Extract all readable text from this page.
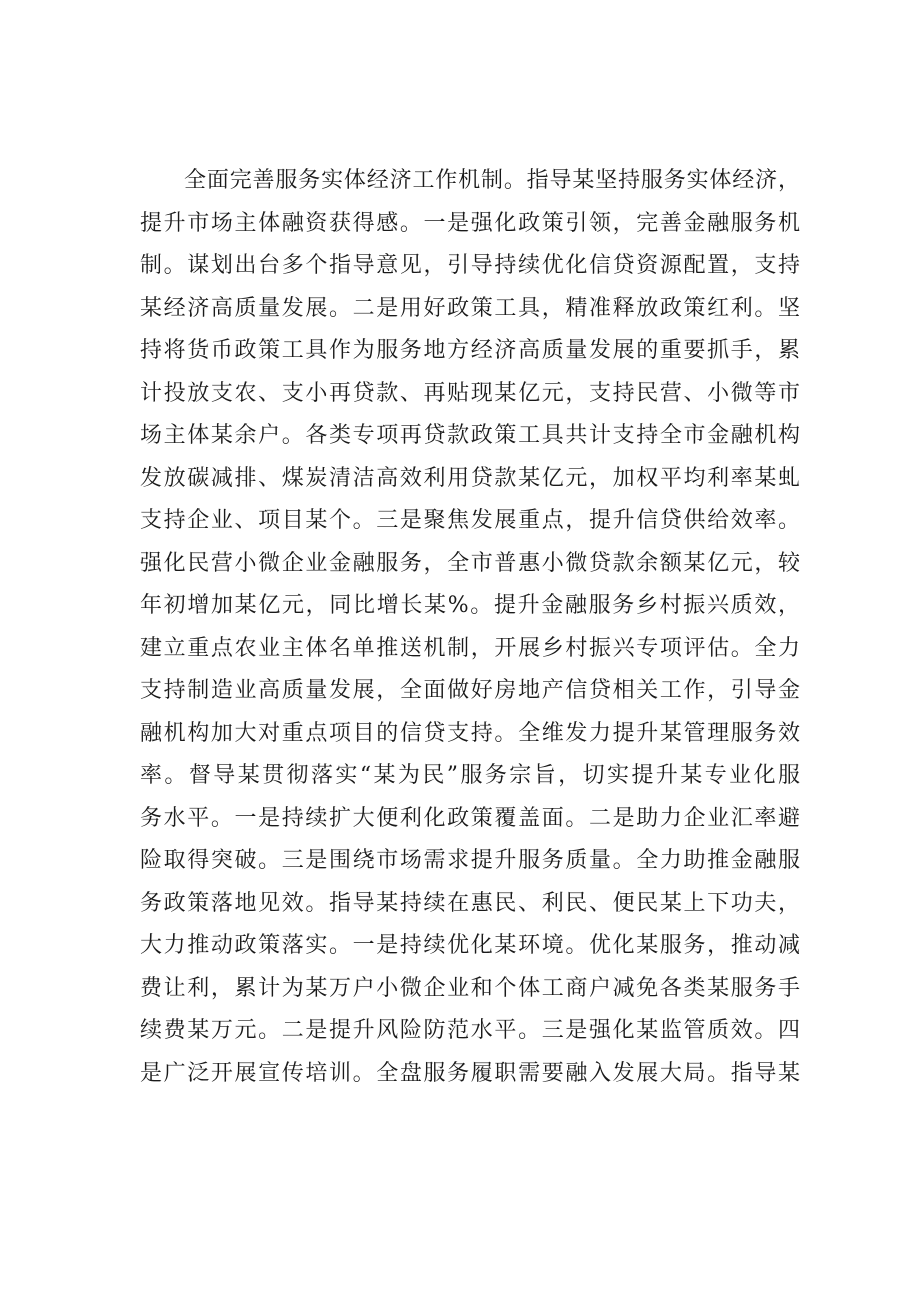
全面完善服务实体经济工作机制。指导某坚持服务实体经济，
提升市场主体融资获得感。一是强化政策引领，完善金融服务机
制。谋划出台多个指导意见，引导持续优化信贷资源配置，支持
某经济高质量发展。二是用好政策工具，精准释放政策红利。坚
持将货币政策工具作为服务地方经济高质量发展的重要抓手，累
计投放支农、支小再贷款、再贴现某亿元，支持民营、小微等市
场主体某余户。各类专项再贷款政策工具共计支持全市金融机构
发放碳减排、煤炭清洁高效利用贷款某亿元，加权平均利率某虬
支持企业、项目某个。三是聚焦发展重点，提升信贷供给效率。
强化民营小微企业金融服务，全市普惠小微贷款余额某亿元，较
年初增加某亿元，同比增长某%。提升金融服务乡村振兴质效，
建立重点农业主体名单推送机制，开展乡村振兴专项评估。全力
支持制造业高质量发展，全面做好房地产信贷相关工作，引导金
融机构加大对重点项目的信贷支持。全维发力提升某管理服务效
率。督导某贯彻落实“某为民”服务宗旨，切实提升某专业化服
务水平。一是持续扩大便利化政策覆盖面。二是助力企业汇率避
险取得突破。三是围绕市场需求提升服务质量。全力助推金融服
务政策落地见效。指导某持续在惠民、利民、便民某上下功夫，
大力推动政策落实。一是持续优化某环境。优化某服务，推动减
费让利，累计为某万户小微企业和个体工商户减免各类某服务手
续费某万元。二是提升风险防范水平。三是强化某监管质效。四
是广泛开展宣传培训。全盘服务履职需要融入发展大局。指导某
